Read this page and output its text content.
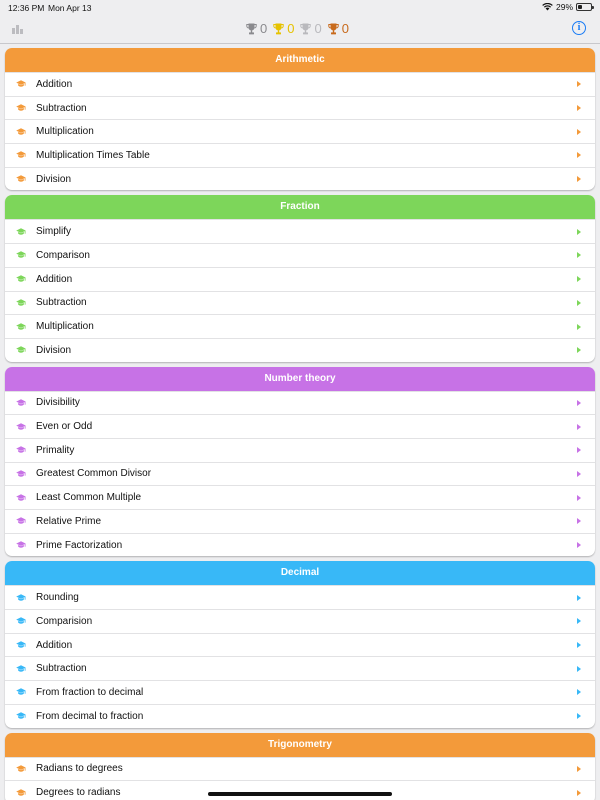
12:36 PM Mon Apr 13	29%
0 0 0 0	i
Arithmetic
Addition
Subtraction
Multiplication
Multiplication Times Table
Division
Fraction
Simplify
Comparison
Addition
Subtraction
Multiplication
Division
Number theory
Divisibility
Even or Odd
Primality
Greatest Common Divisor
Least Common Multiple
Relative Prime
Prime Factorization
Decimal
Rounding
Comparision
Addition
Subtraction
From fraction to decimal
From decimal to fraction
Trigonometry
Radians to degrees
Degrees to radians
